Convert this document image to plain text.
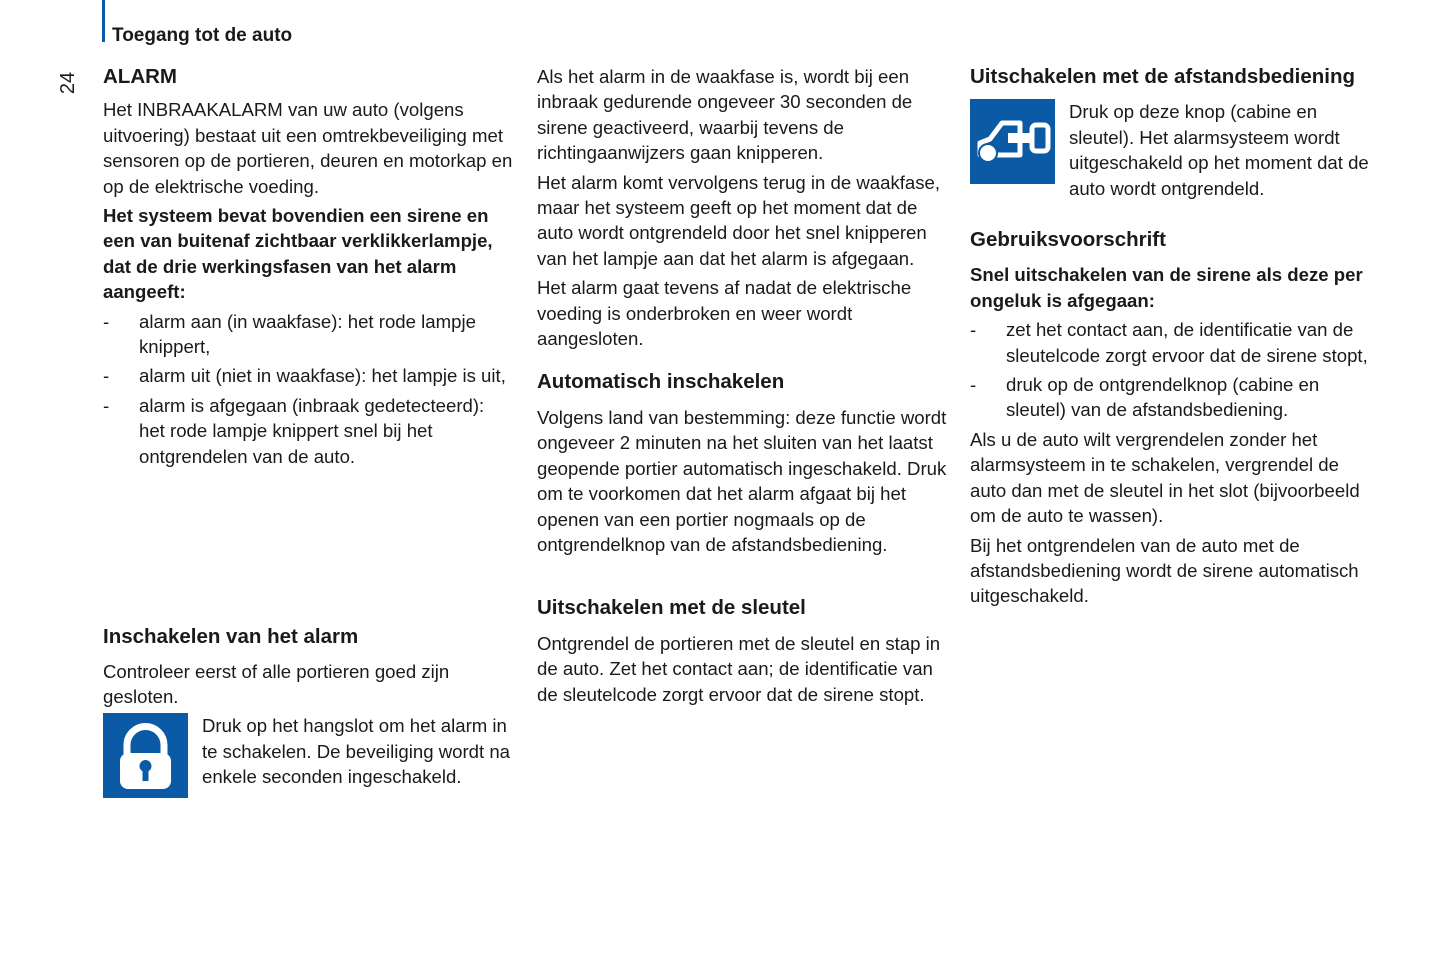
Toegang tot de auto
24 ALARM

Het INBRAAKALARM van uw auto (volgens uitvoering) bestaat uit een omtrekbeveiliging met sensoren op de portieren, deuren en motorkap en op de elektrische voeding.

Het systeem bevat bovendien een sirene en een van buitenaf zichtbaar verklikkerlampje, dat de drie werkingsfasen van het alarm aangeeft:

-	alarm aan (in waakfase): het rode lampje knippert,
-	alarm uit (niet in waakfase): het lampje is uit,
-	alarm is afgegaan (inbraak gedetecteerd): het rode lampje knippert snel bij het ontgrendelen van de auto.
Inschakelen van het alarm

Controleer eerst of alle portieren goed zijn gesloten.

Druk op het hangslot om het alarm in te schakelen. De beveiliging wordt na enkele seconden ingeschakeld.

Als het alarm in de waakfase is, wordt bij een inbraak gedurende ongeveer 30 seconden de sirene geactiveerd, waarbij tevens de richtingaanwijzers gaan knipperen.

Het alarm komt vervolgens terug in de waakfase, maar het systeem geeft op het moment dat de auto wordt ontgrendeld door het snel knipperen van het lampje aan dat het alarm is afgegaan.

Het alarm gaat tevens af nadat de elektrische voeding is onderbroken en weer wordt aangesloten.

Automatisch inschakelen

Volgens land van bestemming: deze functie wordt ongeveer 2 minuten na het sluiten van het laatst geopende portier automatisch ingeschakeld. Druk om te voorkomen dat het alarm afgaat bij het openen van een portier nogmaals op de ontgrendelknop van de afstandsbediening.

Uitschakelen met de sleutel

Ontgrendel de portieren met de sleutel en stap in de auto. Zet het contact aan; de identificatie van de sleutelcode zorgt ervoor dat de sirene stopt.

Uitschakelen met de afstandsbediening

Druk op deze knop (cabine en sleutel). Het alarmsysteem wordt uitgeschakeld op het moment dat de auto wordt ontgrendeld.

Gebruiksvoorschrift

Snel uitschakelen van de sirene als deze per ongeluk is afgegaan:

-	zet het contact aan, de identificatie van de sleutelcode zorgt ervoor dat de sirene stopt,
-	druk op de ontgrendelknop (cabine en sleutel) van de afstandsbediening.

Als u de auto wilt vergrendelen zonder het alarmsysteem in te schakelen, vergrendel de auto dan met de sleutel in het slot (bijvoorbeeld om de auto te wassen).

Bij het ontgrendelen van de auto met de afstandsbediening wordt de sirene automatisch uitgeschakeld.
